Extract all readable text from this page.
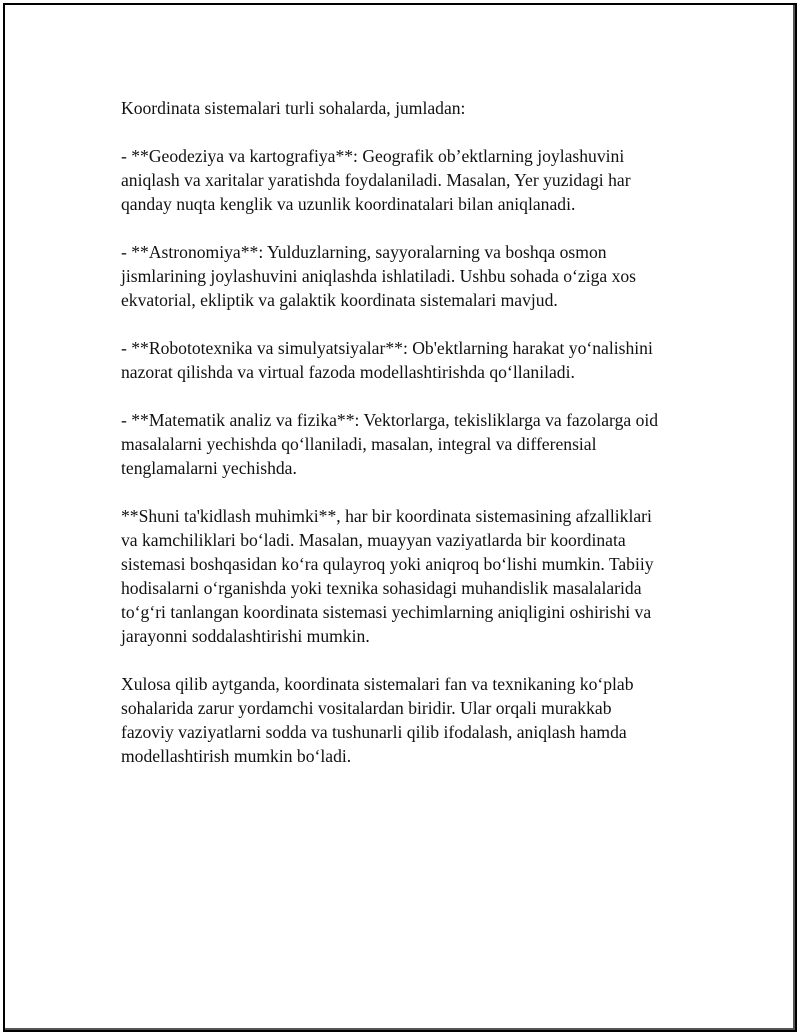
Koordinata sistemalari turli sohalarda, jumladan:

- **Geodeziya va kartografiya**: Geografik ob’ektlarning joylashuvini
aniqlash va xaritalar yaratishda foydalaniladi. Masalan, Yer yuzidagi har
qanday nuqta kenglik va uzunlik koordinatalari bilan aniqlanadi.

- **Astronomiya**: Yulduzlarning, sayyoralarning va boshqa osmon
jismlarining joylashuvini aniqlashda ishlatiladi. Ushbu sohada o‘ziga xos
ekvatorial, ekliptik va galaktik koordinata sistemalari mavjud.

- **Robototexnika va simulyatsiyalar**: Ob'ektlarning harakat yo‘nalishini
nazorat qilishda va virtual fazoda modellashtirishda qo‘llaniladi.

- **Matematik analiz va fizika**: Vektorlarga, tekisliklarga va fazolarga oid
masalalarni yechishda qo‘llaniladi, masalan, integral va differensial
tenglamalarni yechishda.

**Shuni ta'kidlash muhimki**, har bir koordinata sistemasining afzalliklari
va kamchiliklari bo‘ladi. Masalan, muayyan vaziyatlarda bir koordinata
sistemasi boshqasidan ko‘ra qulayroq yoki aniqroq bo‘lishi mumkin. Tabiiy
hodisalarni o‘rganishda yoki texnika sohasidagi muhandislik masalalarida
to‘g‘ri tanlangan koordinata sistemasi yechimlarning aniqligini oshirishi va
jarayonni soddalashtirishi mumkin.

Xulosa qilib aytganda, koordinata sistemalari fan va texnikaning ko‘plab
sohalarida zarur yordamchi vositalardan biridir. Ular orqali murakkab
fazoviy vaziyatlarni sodda va tushunarli qilib ifodalash, aniqlash hamda
modellashtirish mumkin bo‘ladi.
